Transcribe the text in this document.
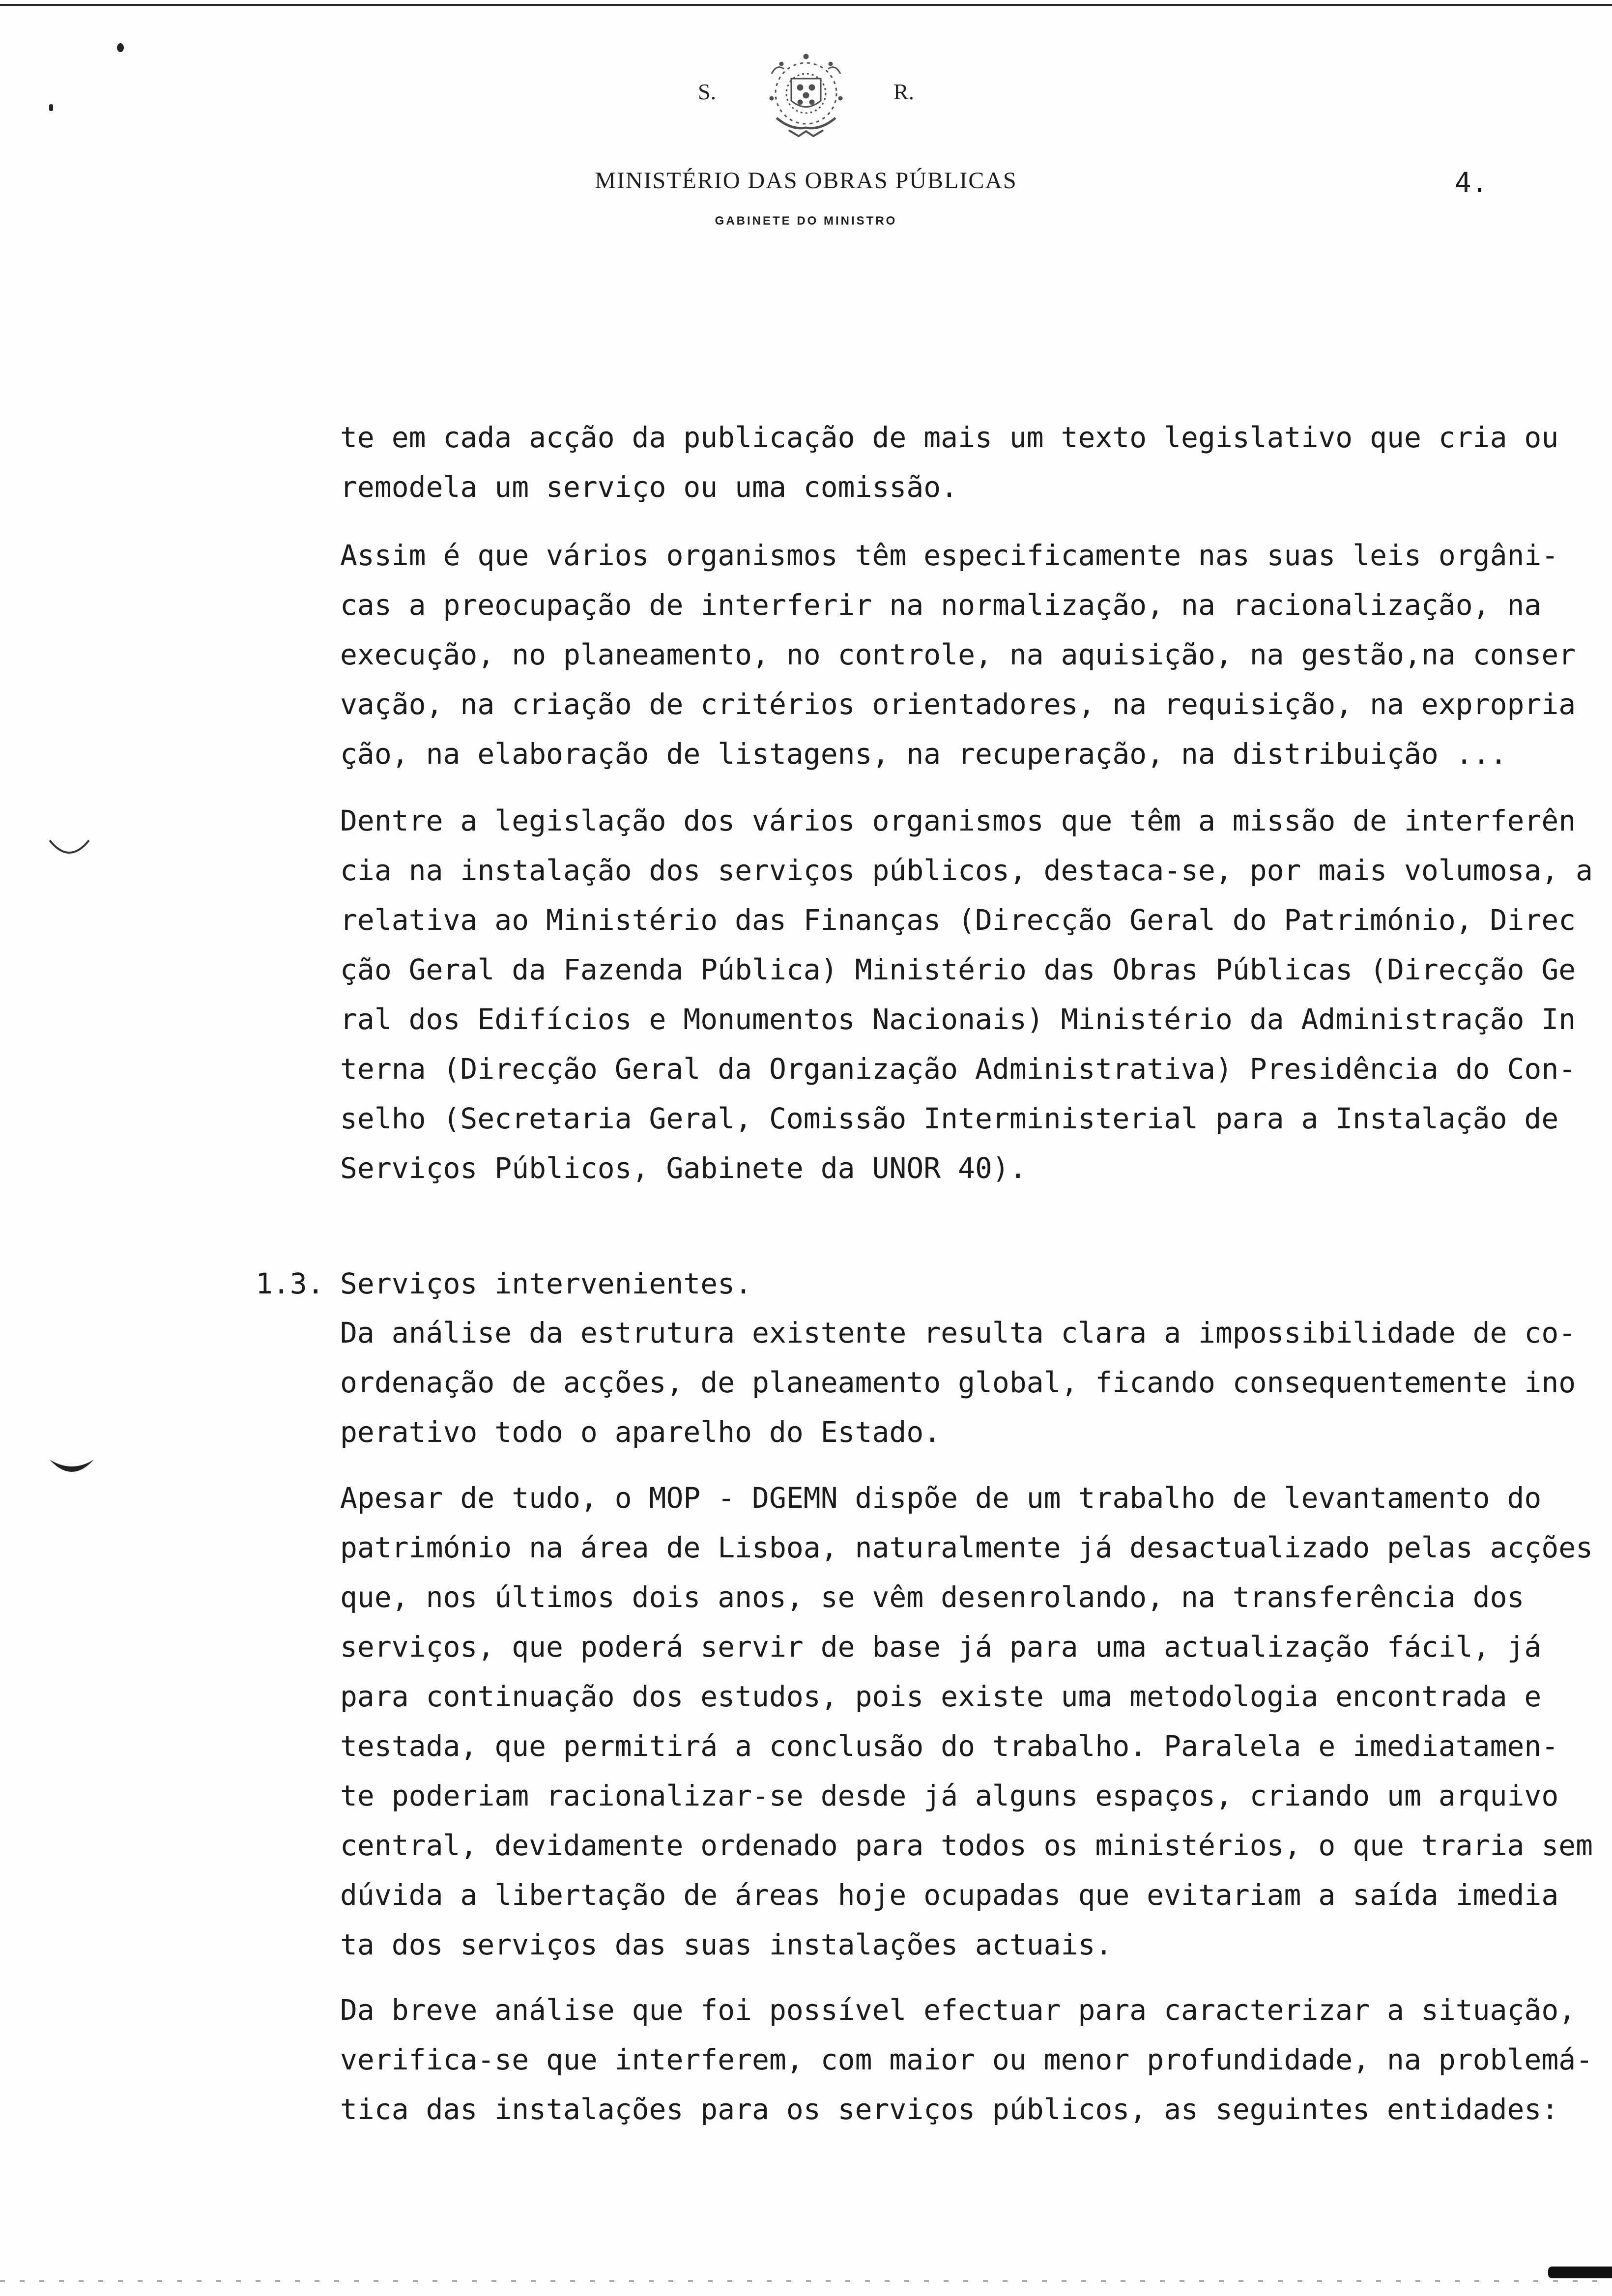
S.	R.
MINISTÉRIO DAS OBRAS PÚBLICAS
GABINETE DO MINISTRO
4.
te em cada acção da publicação de mais um texto legislativo que cria ou
remodela um serviço ou uma comissão.
Assim é que vários organismos têm especificamente nas suas leis orgâni-
cas a preocupação de interferir na normalização, na racionalização, na
execução, no planeamento, no controle, na aquisição, na gestão,na conser
vação, na criação de critérios orientadores, na requisição, na expropria
ção, na elaboração de listagens, na recuperação, na distribuição ...
Dentre a legislação dos vários organismos que têm a missão de interferên
cia na instalação dos serviços públicos, destaca-se, por mais volumosa, a
relativa ao Ministério das Finanças (Direcção Geral do Património, Direc
ção Geral da Fazenda Pública) Ministério das Obras Públicas (Direcção Ge
ral dos Edifícios e Monumentos Nacionais) Ministério da Administração In
terna (Direcção Geral da Organização Administrativa) Presidência do Con-
selho (Secretaria Geral, Comissão Interministerial para a Instalação de
Serviços Públicos, Gabinete da UNOR 40).
1.3. Serviços intervenientes.
Da análise da estrutura existente resulta clara a impossibilidade de co-
ordenação de acções, de planeamento global, ficando consequentemente ino
perativo todo o aparelho do Estado.
Apesar de tudo, o MOP - DGEMN dispõe de um trabalho de levantamento do
património na área de Lisboa, naturalmente já desactualizado pelas acções
que, nos últimos dois anos, se vêm desenrolando, na transferência dos
serviços, que poderá servir de base já para uma actualização fácil, já
para continuação dos estudos, pois existe uma metodologia encontrada e
testada, que permitirá a conclusão do trabalho. Paralela e imediatamen-
te poderiam racionalizar-se desde já alguns espaços, criando um arquivo
central, devidamente ordenado para todos os ministérios, o que traria sem
dúvida a libertação de áreas hoje ocupadas que evitariam a saída imedia
ta dos serviços das suas instalações actuais.
Da breve análise que foi possível efectuar para caracterizar a situação,
verifica-se que interferem, com maior ou menor profundidade, na problemá-
tica das instalações para os serviços públicos, as seguintes entidades:
